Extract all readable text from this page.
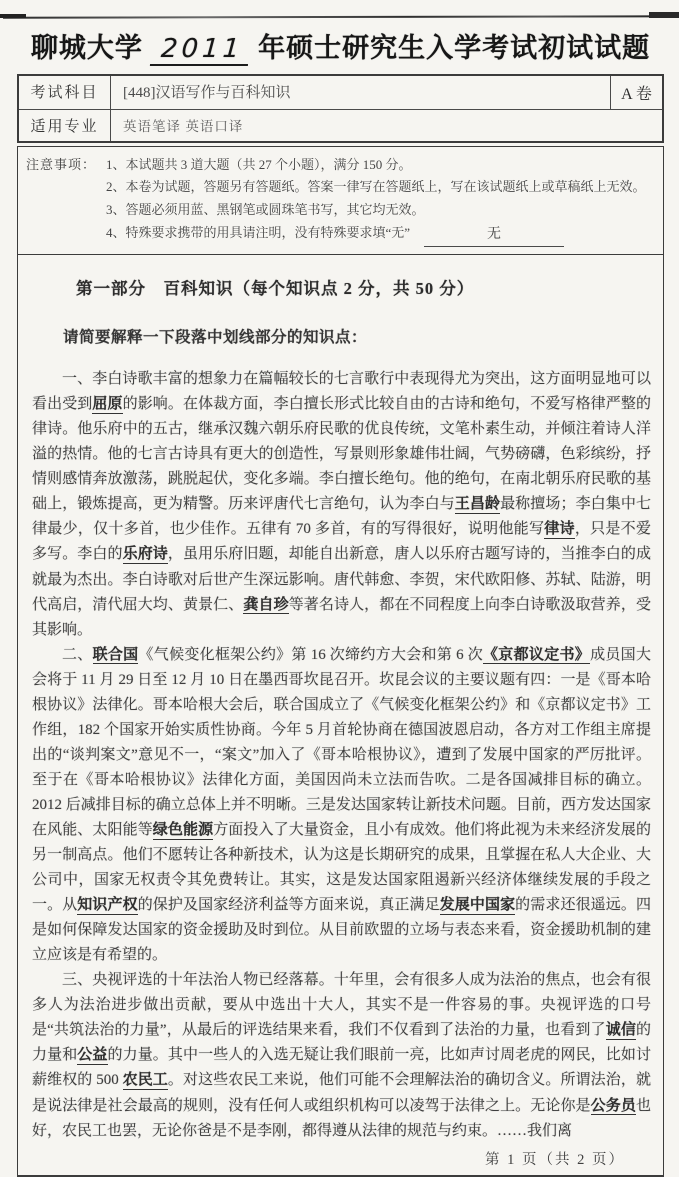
聊城大学 2011 年硕士研究生入学考试初试试题
考试科目	[448]汉语写作与百科知识	A 卷
适用专业	英语笔译 英语口译
注意事项： 1、本试题共 3 道大题（共 27 个小题），满分 150 分。
2、本卷为试题，答题另有答题纸。答案一律写在答题纸上，写在该试题纸上或草稿纸上无效。
3、答题必须用蓝、黑钢笔或圆珠笔书写，其它均无效。
4、特殊要求携带的用具请注明，没有特殊要求填“无”	无
第一部分　百科知识（每个知识点 2 分，共 50 分）
请简要解释一下段落中划线部分的知识点：

一、李白诗歌丰富的想象力在篇幅较长的七言歌行中表现得尤为突出，这方面明显地可以看出受到屈原的影响。在体裁方面，李白擅长形式比较自由的古诗和绝句，不爱写格律严整的律诗。他乐府中的五古，继承汉魏六朝乐府民歌的优良传统，文笔朴素生动，并倾注着诗人洋溢的热情。他的七言古诗具有更大的创造性，写景则形象雄伟壮阔，气势磅礴，色彩缤纷，抒情则感情奔放激荡，跳脱起伏，变化多端。李白擅长绝句。他的绝句，在南北朝乐府民歌的基础上，锻炼提高，更为精警。历来评唐代七言绝句，认为李白与王昌龄最称擅场；李白集中七律最少，仅十多首，也少佳作。五律有 70 多首，有的写得很好，说明他能写律诗，只是不爱多写。李白的乐府诗，虽用乐府旧题，却能自出新意，唐人以乐府古题写诗的，当推李白的成就最为杰出。李白诗歌对后世产生深远影响。唐代韩愈、李贺，宋代欧阳修、苏轼、陆游，明代高启，清代屈大均、黄景仁、龚自珍等著名诗人，都在不同程度上向李白诗歌汲取营养，受其影响。

二、联合国《气候变化框架公约》第 16 次缔约方大会和第 6 次《京都议定书》成员国大会将于 11 月 29 日至 12 月 10 日在墨西哥坎昆召开。坎昆会议的主要议题有四：一是《哥本哈根协议》法律化。哥本哈根大会后，联合国成立了《气候变化框架公约》和《京都议定书》工作组，182 个国家开始实质性协商。今年 5 月首轮协商在德国波恩启动，各方对工作组主席提出的“谈判案文”意见不一，“案文”加入了《哥本哈根协议》，遭到了发展中国家的严厉批评。至于在《哥本哈根协议》法律化方面，美国因尚未立法而告吹。二是各国减排目标的确立。2012 后减排目标的确立总体上并不明晰。三是发达国家转让新技术问题。目前，西方发达国家在风能、太阳能等绿色能源方面投入了大量资金，且小有成效。他们将此视为未来经济发展的另一制高点。他们不愿转让各种新技术，认为这是长期研究的成果，且掌握在私人大企业、大公司中，国家无权责令其免费转让。其实，这是发达国家阻遏新兴经济体继续发展的手段之一。从知识产权的保护及国家经济利益等方面来说，真正满足发展中国家的需求还很遥远。四是如何保障发达国家的资金援助及时到位。从目前欧盟的立场与表态来看，资金援助机制的建立应该是有希望的。

三、央视评选的十年法治人物已经落幕。十年里，会有很多人成为法治的焦点，也会有很多人为法治进步做出贡献，要从中选出十大人，其实不是一件容易的事。央视评选的口号是“共筑法治的力量”，从最后的评选结果来看，我们不仅看到了法治的力量，也看到了诚信的力量和公益的力量。其中一些人的入选无疑让我们眼前一亮，比如声讨周老虎的网民，比如讨薪维权的 500 农民工。对这些农民工来说，他们可能不会理解法治的确切含义。所谓法治，就是说法律是社会最高的规则，没有任何人或组织机构可以凌驾于法律之上。无论你是公务员也好，农民工也罢，无论你爸是不是李刚，都得遵从法律的规范与约束。……我们离

第 1 页（共 2 页）
